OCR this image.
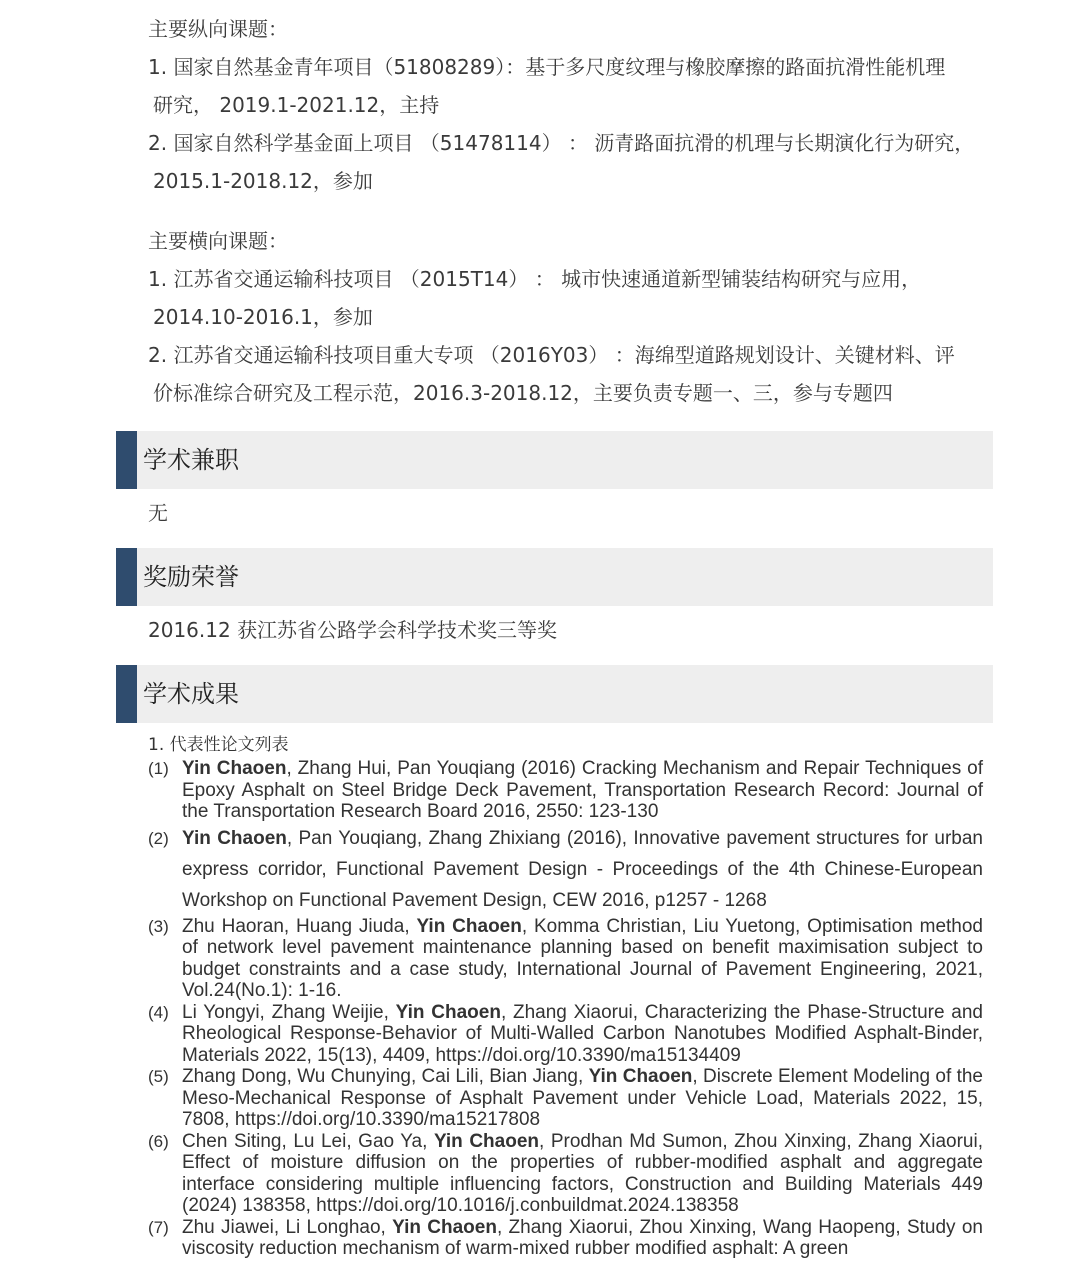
主要纵向课题：

1. 国家自然基金青年项目（51808289）：基于多尺度纹理与橡胶摩擦的路面抗滑性能机理

研究， 2019.1-2021.12，主持

2. 国家自然科学基金面上项目 （51478114） ： 沥青路面抗滑的机理与长期演化行为研究，

2015.1-2018.12，参加

主要横向课题：

1. 江苏省交通运输科技项目 （2015T14） ： 城市快速通道新型铺装结构研究与应用，

2014.10-2016.1，参加

2. 江苏省交通运输科技项目重大专项 （2016Y03） ：海绵型道路规划设计、关键材料、评

价标准综合研究及工程示范，2016.3-2018.12，主要负责专题一、三，参与专题四

学术兼职
无
奖励荣誉
2016.12 获江苏省公路学会科学技术奖三等奖
学术成果

1. 代表性论文列表

(1) Yin Chaoen, Zhang Hui, Pan Youqiang (2016) Cracking Mechanism and Repair Techniques of Epoxy Asphalt on Steel Bridge Deck Pavement, Transportation Research Record: Journal of the Transportation Research Board 2016, 2550: 123-130
(2) Yin Chaoen, Pan Youqiang, Zhang Zhixiang (2016), Innovative pavement structures for urban express corridor, Functional Pavement Design - Proceedings of the 4th Chinese-European Workshop on Functional Pavement Design, CEW 2016, p1257 - 1268
(3) Zhu Haoran, Huang Jiuda, Yin Chaoen, Komma Christian, Liu Yuetong, Optimisation method of network level pavement maintenance planning based on benefit maximisation subject to budget constraints and a case study, International Journal of Pavement Engineering, 2021, Vol.24(No.1): 1-16.
(4) Li Yongyi, Zhang Weijie, Yin Chaoen, Zhang Xiaorui, Characterizing the Phase-Structure and Rheological Response-Behavior of Multi-Walled Carbon Nanotubes Modified Asphalt-Binder, Materials 2022, 15(13), 4409, https://doi.org/10.3390/ma15134409
(5) Zhang Dong, Wu Chunying, Cai Lili, Bian Jiang, Yin Chaoen, Discrete Element Modeling of the Meso-Mechanical Response of Asphalt Pavement under Vehicle Load, Materials 2022, 15, 7808, https://doi.org/10.3390/ma15217808
(6) Chen Siting, Lu Lei, Gao Ya, Yin Chaoen, Prodhan Md Sumon, Zhou Xinxing, Zhang Xiaorui, Effect of moisture diffusion on the properties of rubber-modified asphalt and aggregate interface considering multiple influencing factors, Construction and Building Materials 449 (2024) 138358, https://doi.org/10.1016/j.conbuildmat.2024.138358
(7) Zhu Jiawei, Li Longhao, Yin Chaoen, Zhang Xiaorui, Zhou Xinxing, Wang Haopeng, Study on viscosity reduction mechanism of warm-mixed rubber modified asphalt: A green
